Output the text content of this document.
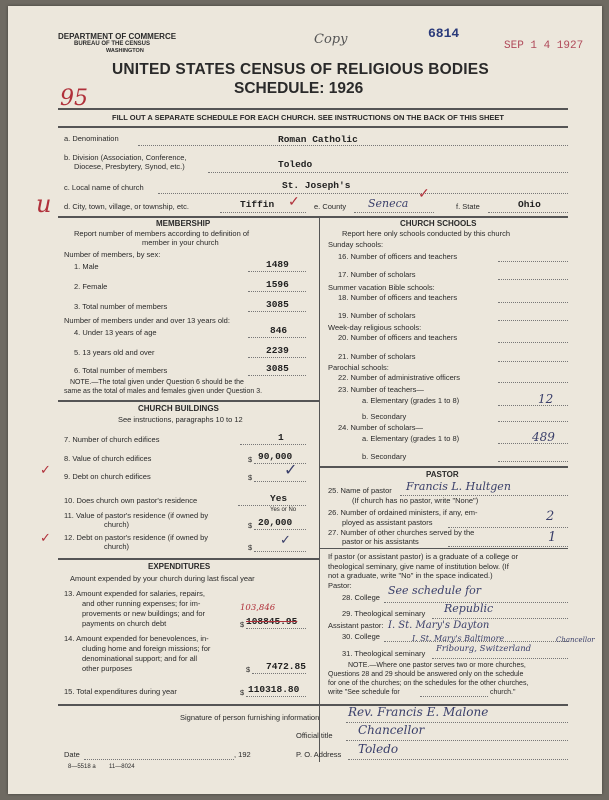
DEPARTMENT OF COMMERCE
BUREAU OF THE CENSUS
WASHINGTON
Copy	6814
SEP 1 4 1927
UNITED STATES CENSUS OF RELIGIOUS BODIES
SCHEDULE: 1926
95
FILL OUT A SEPARATE SCHEDULE FOR EACH CHURCH. SEE INSTRUCTIONS ON THE BACK OF THIS SHEET
a. Denomination	Roman Catholic
b. Division (Association, Conference,
Diocese, Presbytery, Synod, etc.)	Toledo
c. Local name of church	St. Joseph's
u d. City, town, village, or township, etc.	Tiffin ✓ e. County Seneca
✓
f. State	Ohio
MEMBERSHIP
Report number of members according to definition of
member in your church
Number of members, by sex:
1. Male	1489
2. Female	1596
3. Total number of members	3085
Number of members under and over 13 years old:
4. Under 13 years of age	846
5. 13 years old and over	2239
6. Total number of members	3085
NOTE.—The total given under Question 6 should be the
same as the total of males and females given under Question 3.
CHURCH BUILDINGS
See instructions, paragraphs 10 to 12
7. Number of church edifices	1
8. Value of church edifices	$ 90,000
✓ 9. Debt on church edifices	$ ✓
10. Does church own pastor's residence	Yes
Yes or No
11. Value of pastor's residence (if owned by
church)	$ 20,000
✓ 12. Debt on pastor's residence (if owned by
church)	$
✓
EXPENDITURES
Amount expended by your church during last fiscal year
13. Amount expended for salaries, repairs,
and other running expenses; for im-
provements or new buildings; and for
payments on church debt
103,846
$ 108845.95
14. Amount expended for benevolences, in-
cluding home and foreign missions; for
denominational support; and for all
other purposes	$ 7472.85
15. Total expenditures during year	$ 110318.80
CHURCH SCHOOLS
Report here only schools conducted by this church
Sunday schools:
16. Number of officers and teachers
17. Number of scholars
Summer vacation Bible schools:
18. Number of officers and teachers
19. Number of scholars
Week-day religious schools:
20. Number of officers and teachers
21. Number of scholars
Parochial schools:
22. Number of administrative officers
23. Number of teachers—
a. Elementary (grades 1 to 8)	12
b. Secondary
24. Number of scholars—
a. Elementary (grades 1 to 8)	489
b. Secondary
PASTOR
25. Name of pastor Francis L. Hultgen
(If church has no pastor, write "None")
26. Number of ordained ministers, if any, em-
ployed as assistant pastors	2
27. Number of other churches served by the
pastor or his assistants	1
If pastor (or assistant pastor) is a graduate of a college or
theological seminary, give name of institution below. (If
not a graduate, write "No" in the space indicated.)
Pastor:
28. College
See schedule for
29. Theological seminary Republic
Assistant pastor:
30. College
I. St. Mary's Dayton
I. St. Mary's Baltimore
31. Theological seminary Fribourg, Switzerland
Chancellor
NOTE.—Where one pastor serves two or more churches,
Questions 28 and 29 should be answered only on the schedule
for one of the churches; on the schedules for the other churches,
write "See schedule for	church."
Signature of person furnishing information Rev. Francis E. Malone
Official title Chancellor
Date	, 192	P. O. Address Toledo
8—5518 a        11—8024
